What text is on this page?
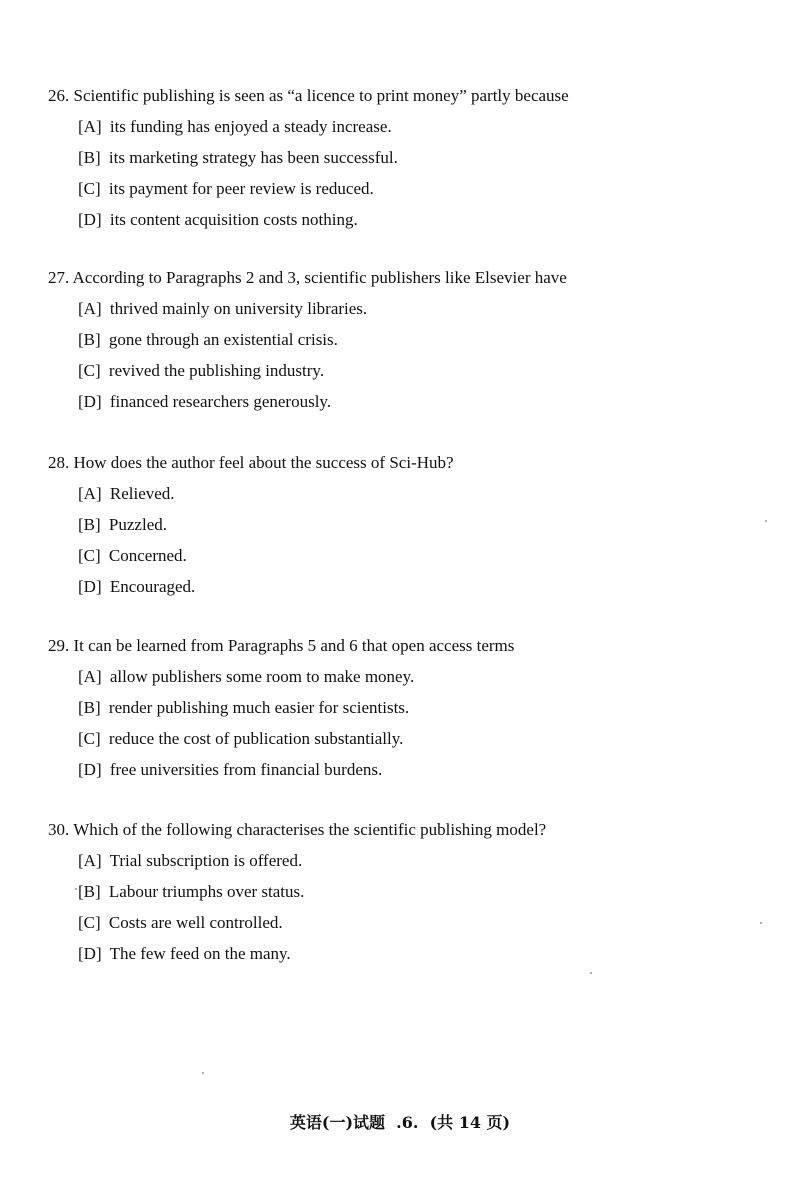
26. Scientific publishing is seen as “a licence to print money” partly because
[A] its funding has enjoyed a steady increase.
[B] its marketing strategy has been successful.
[C] its payment for peer review is reduced.
[D] its content acquisition costs nothing.
27. According to Paragraphs 2 and 3, scientific publishers like Elsevier have
[A] thrived mainly on university libraries.
[B] gone through an existential crisis.
[C] revived the publishing industry.
[D] financed researchers generously.
28. How does the author feel about the success of Sci-Hub?
[A] Relieved.
[B] Puzzled.
[C] Concerned.
[D] Encouraged.
29. It can be learned from Paragraphs 5 and 6 that open access terms
[A] allow publishers some room to make money.
[B] render publishing much easier for scientists.
[C] reduce the cost of publication substantially.
[D] free universities from financial burdens.
30. Which of the following characterises the scientific publishing model?
[A] Trial subscription is offered.
[B] Labour triumphs over status.
[C] Costs are well controlled.
[D] The few feed on the many.
英语(一)试题  .6.  (共 14 页)
